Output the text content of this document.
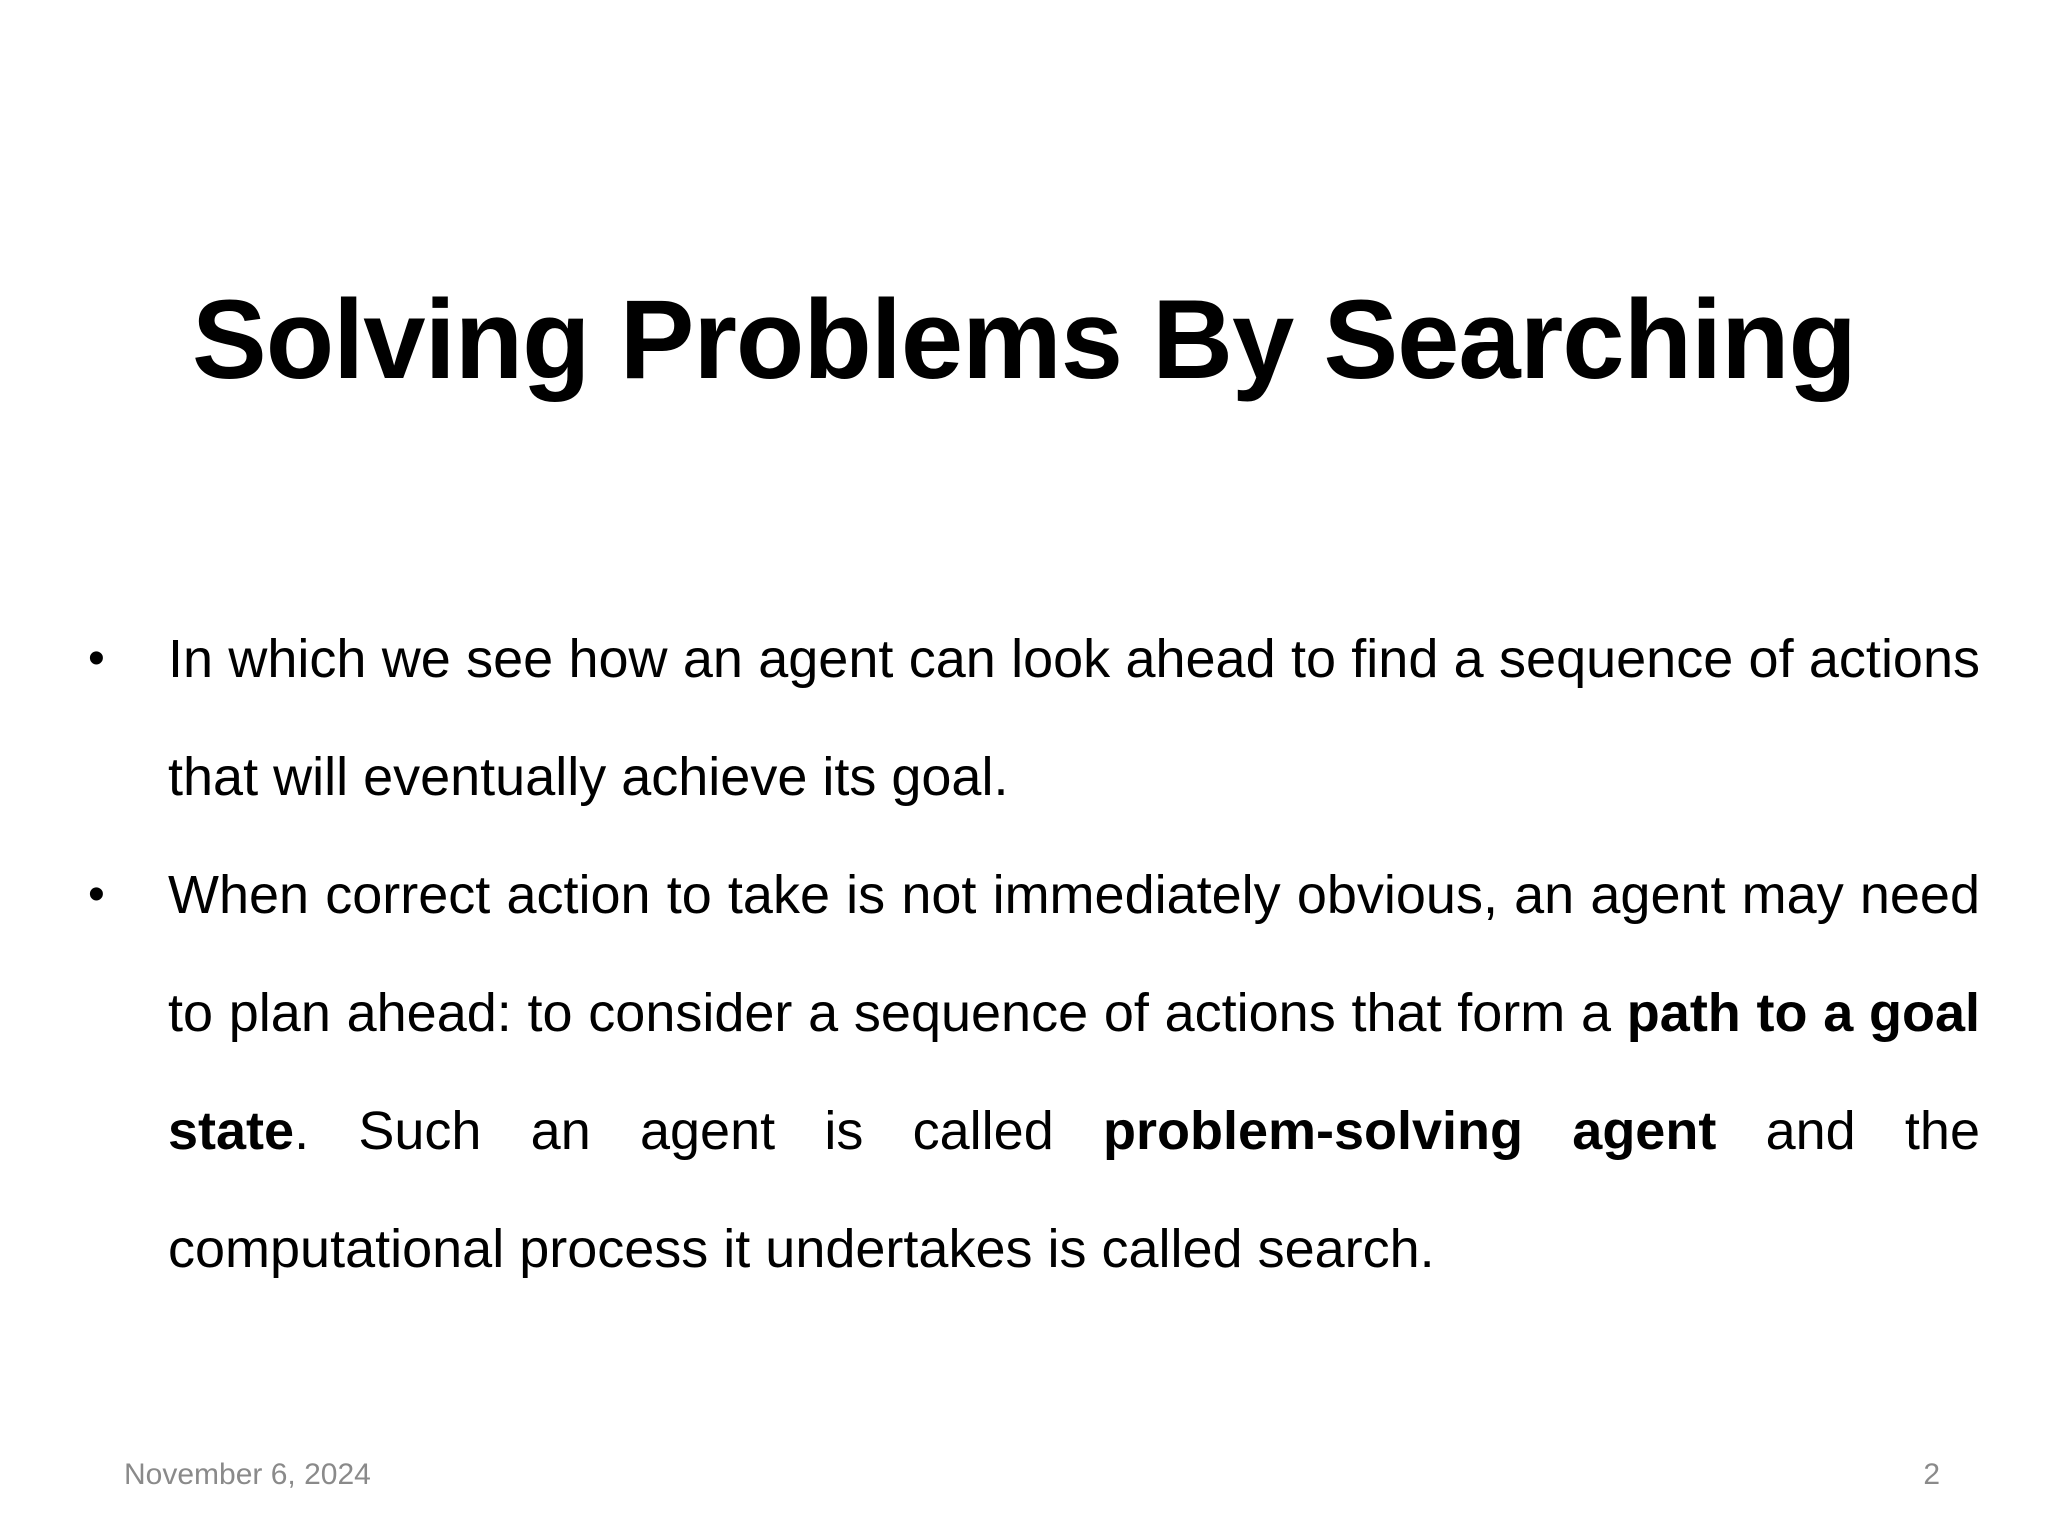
Solving Problems By Searching
•	In which we see how an agent can look ahead to find a sequence of actions that will eventually achieve its goal.
•	When correct action to take is not immediately obvious, an agent may need to plan ahead: to consider a sequence of actions that form a path to a goal state. Such an agent is called problem-solving agent and the computational process it undertakes is called search.
November 6, 2024	2
